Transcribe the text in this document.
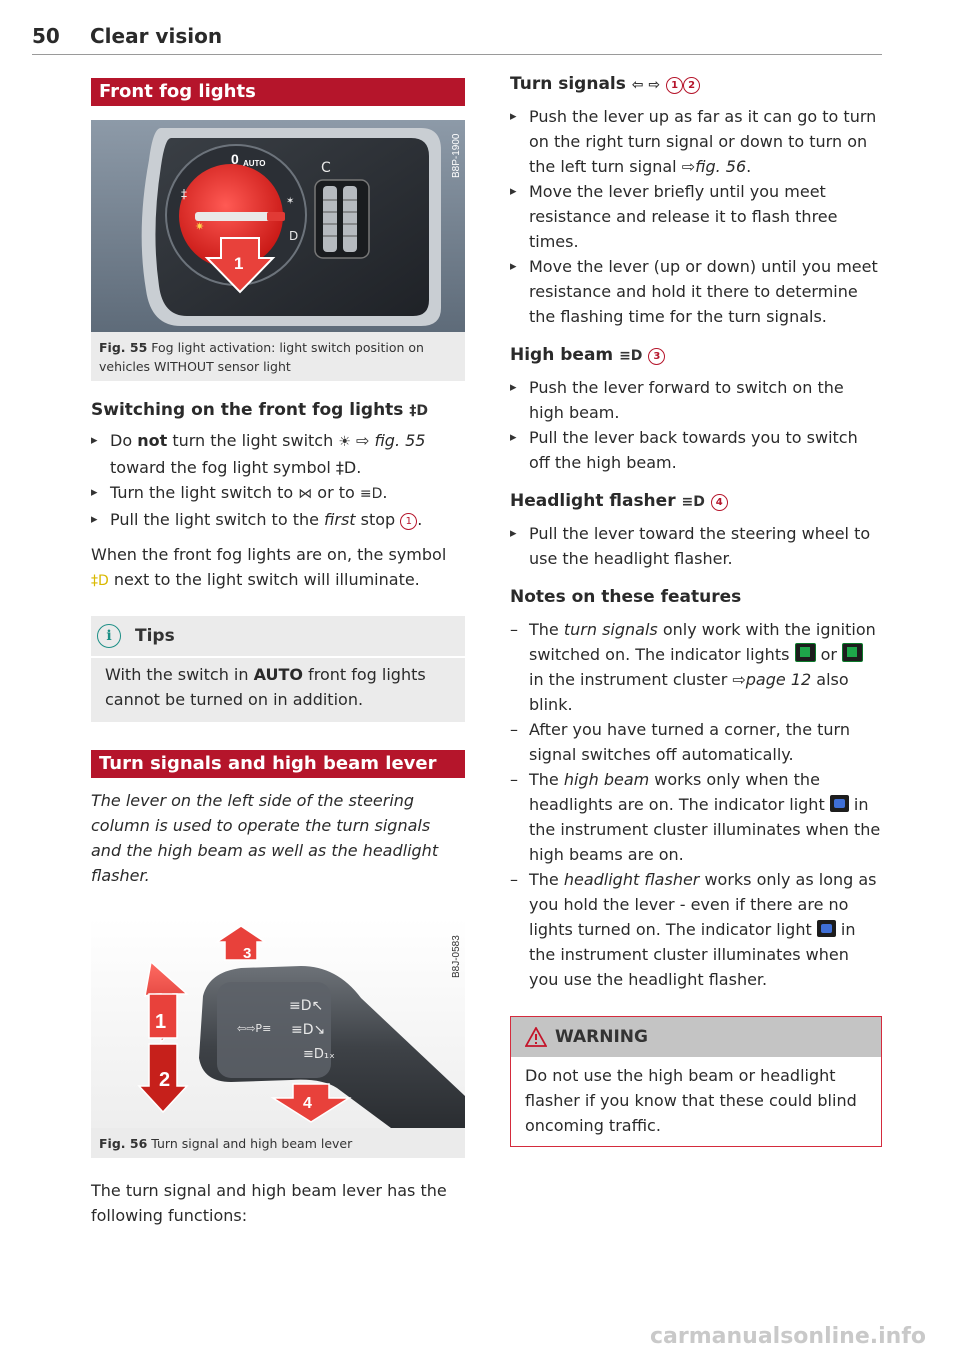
50 Clear vision
Front fog lights
0 AUTO	C
‡
✶
D
✷
1
B8P-1900
Fig. 55 Fog light activation: light switch position on vehicles WITHOUT sensor light
Switching on the front fog lights ‡D

▸ Do not turn the light switch ☀ ⇨ fig. 55 toward the fog light symbol ‡D.

▸ Turn the light switch to ⋈ or to ≡D.

▸ Pull the light switch to the first stop 1 .

When the front fog lights are on, the symbol
‡D next to the light switch will illuminate.

i	Tips
With the switch in AUTO front fog lights cannot be turned on in addition.
Turn signals and high beam lever

The lever on the left side of the steering column is used to operate the turn signals and the high beam as well as the headlight flasher.

≡D↖
⇦⇨P≡ ≡D↘
≡D₁ₓ
1
2
3
4
B8J-0583
Fig. 56 Turn signal and high beam lever

The turn signal and high beam lever has the following functions:

Turn signals ⇦ ⇨ 1 2

▸ Push the lever up as far as it can go to turn on the right turn signal or down to turn on the left turn signal ⇨fig. 56.

▸ Move the lever briefly until you meet resistance and release it to flash three times.

▸ Move the lever (up or down) until you meet resistance and hold it there to determine the flashing time for the turn signals.

High beam ≡D 3

▸ Push the lever forward to switch on the high beam.

▸ Pull the lever back towards you to switch off the high beam.

Headlight flasher ≡D 4

▸ Pull the lever toward the steering wheel to use the headlight flasher.

Notes on these features

– The turn signals only work with the ignition switched on. The indicator lights  or  in the instrument cluster ⇨page 12 also blink.

– After you have turned a corner, the turn signal switches off automatically.

– The high beam works only when the headlights are on. The indicator light  in the instrument cluster illuminates when the high beams are on.

– The headlight flasher works only as long as you hold the lever - even if there are no lights turned on. The indicator light  in the instrument cluster illuminates when you use the headlight flasher.

WARNING
Do not use the high beam or headlight flasher if you know that these could blind oncoming traffic.
carmanualsonline.info
